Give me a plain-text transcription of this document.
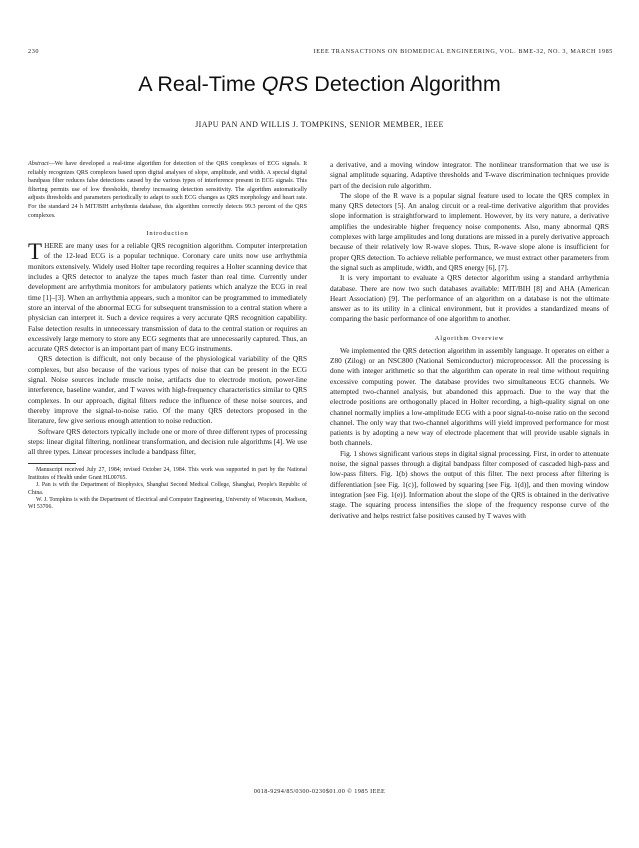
230	IEEE TRANSACTIONS ON BIOMEDICAL ENGINEERING, VOL. BME-32, NO. 3, MARCH 1985
A Real-Time QRS Detection Algorithm
JIAPU PAN AND WILLIS J. TOMPKINS, SENIOR MEMBER, IEEE

Abstract—We have developed a real-time algorithm for detection of the QRS complexes of ECG signals. It reliably recognizes QRS complexes based upon digital analyses of slope, amplitude, and width. A special digital bandpass filter reduces false detections caused by the various types of interference present in ECG signals. This filtering permits use of low thresholds, thereby increasing detection sensitivity. The algorithm automatically adjusts thresholds and parameters periodically to adapt to such ECG changes as QRS morphology and heart rate. For the standard 24 h MIT/BIH arrhythmia database, this algorithm correctly detects 99.3 percent of the QRS complexes.

Introduction

THERE are many uses for a reliable QRS recognition algorithm. Computer interpretation of the 12-lead ECG is a popular technique. Coronary care units now use arrhythmia monitors extensively. Widely used Holter tape recording requires a Holter scanning device that includes a QRS detector to analyze the tapes much faster than real time. Currently under development are arrhythmia monitors for ambulatory patients which analyze the ECG in real time [1]–[3]. When an arrhythmia appears, such a monitor can be programmed to immediately store an interval of the abnormal ECG for subsequent transmission to a central station where a physician can interpret it. Such a device requires a very accurate QRS recognition capability. False detection results in unnecessary transmission of data to the central station or requires an excessively large memory to store any ECG segments that are unnecessarily captured. Thus, an accurate QRS detector is an important part of many ECG instruments.

QRS detection is difficult, not only because of the physiological variability of the QRS complexes, but also because of the various types of noise that can be present in the ECG signal. Noise sources include muscle noise, artifacts due to electrode motion, power-line interference, baseline wander, and T waves with high-frequency characteristics similar to QRS complexes. In our approach, digital filters reduce the influence of these noise sources, and thereby improve the signal-to-noise ratio. Of the many QRS detectors proposed in the literature, few give serious enough attention to noise reduction.

Software QRS detectors typically include one or more of three different types of processing steps: linear digital filtering, nonlinear transformation, and decision rule algorithms [4]. We use all three types. Linear processes include a bandpass filter,

Manuscript received July 27, 1984; revised October 24, 1984. This work was supported in part by the National Institutes of Health under Grant HL00765.

J. Pan is with the Department of Biophysics, Shanghai Second Medical College, Shanghai, People's Republic of China.

W. J. Tompkins is with the Department of Electrical and Computer Engineering, University of Wisconsin, Madison, WI 53706.

a derivative, and a moving window integrator. The nonlinear transformation that we use is signal amplitude squaring. Adaptive thresholds and T-wave discrimination techniques provide part of the decision rule algorithm.

The slope of the R wave is a popular signal feature used to locate the QRS complex in many QRS detectors [5]. An analog circuit or a real-time derivative algorithm that provides slope information is straightforward to implement. However, by its very nature, a derivative amplifies the undesirable higher frequency noise components. Also, many abnormal QRS complexes with large amplitudes and long durations are missed in a purely derivative approach because of their relatively low R-wave slopes. Thus, R-wave slope alone is insufficient for proper QRS detection. To achieve reliable performance, we must extract other parameters from the signal such as amplitude, width, and QRS energy [6], [7].

It is very important to evaluate a QRS detector algorithm using a standard arrhythmia database. There are now two such databases available: MIT/BIH [8] and AHA (American Heart Association) [9]. The performance of an algorithm on a database is not the ultimate answer as to its utility in a clinical environment, but it provides a standardized means of comparing the basic performance of one algorithm to another.

Algorithm Overview

We implemented the QRS detection algorithm in assembly language. It operates on either a Z80 (Zilog) or an NSC800 (National Semiconductor) microprocessor. All the processing is done with integer arithmetic so that the algorithm can operate in real time without requiring excessive computing power. The database provides two simultaneous ECG channels. We attempted two-channel analysis, but abandoned this approach. Due to the way that the electrode positions are orthogonally placed in Holter recording, a high-quality signal on one channel normally implies a low-amplitude ECG with a poor signal-to-noise ratio on the second channel. The only way that two-channel algorithms will yield improved performance for most patients is by adopting a new way of electrode placement that will provide usable signals in both channels.

Fig. 1 shows significant various steps in digital signal processing. First, in order to attenuate noise, the signal passes through a digital bandpass filter composed of cascaded high-pass and low-pass filters. Fig. 1(b) shows the output of this filter. The next process after filtering is differentiation [see Fig. 1(c)], followed by squaring [see Fig. 1(d)], and then moving window integration [see Fig. 1(e)]. Information about the slope of the QRS is obtained in the derivative stage. The squaring process intensifies the slope of the frequency response curve of the derivative and helps restrict false positives caused by T waves with

0018-9294/85/0300-0230$01.00 © 1985 IEEE
